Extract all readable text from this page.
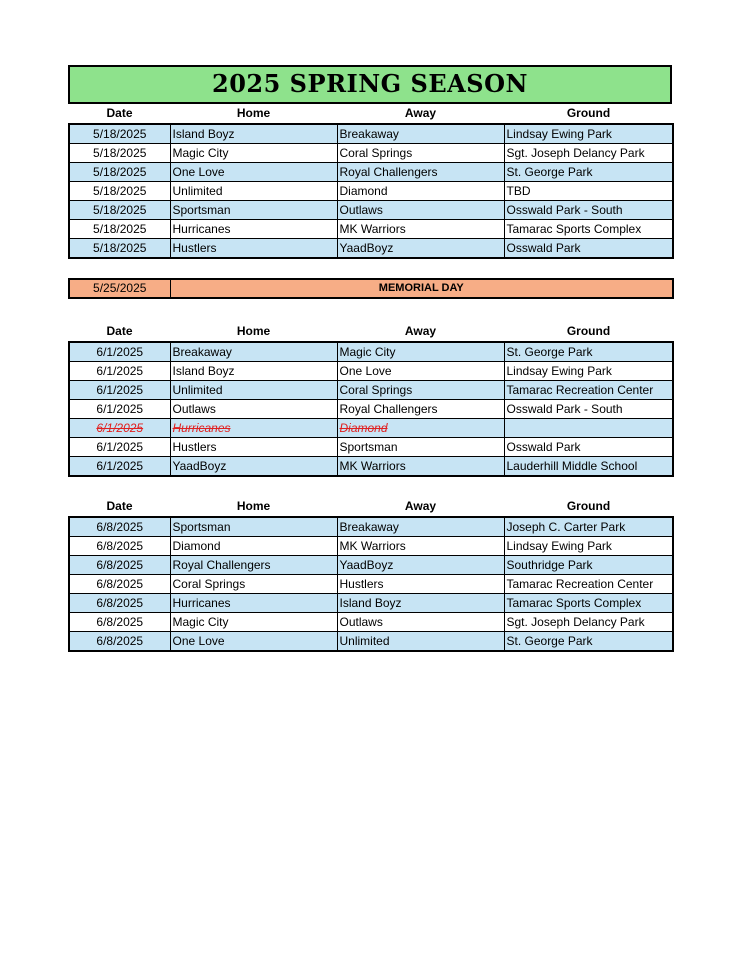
2025 SPRING SEASON
Date	Home	Away	Ground
5/18/2025	Island Boyz	Breakaway	Lindsay Ewing Park
5/18/2025	Magic City	Coral Springs	Sgt. Joseph Delancy Park
5/18/2025	One Love	Royal Challengers	St. George Park
5/18/2025	Unlimited	Diamond	TBD
5/18/2025	Sportsman	Outlaws	Osswald Park - South
5/18/2025	Hurricanes	MK Warriors	Tamarac Sports Complex
5/18/2025	Hustlers	YaadBoyz	Osswald Park
5/25/2025	MEMORIAL DAY
Date	Home	Away	Ground
6/1/2025	Breakaway	Magic City	St. George Park
6/1/2025	Island Boyz	One Love	Lindsay Ewing Park
6/1/2025	Unlimited	Coral Springs	Tamarac Recreation Center
6/1/2025	Outlaws	Royal Challengers	Osswald Park - South
6/1/2025	Hurricanes	Diamond	
6/1/2025	Hustlers	Sportsman	Osswald Park
6/1/2025	YaadBoyz	MK Warriors	Lauderhill Middle School
Date	Home	Away	Ground
6/8/2025	Sportsman	Breakaway	Joseph C. Carter Park
6/8/2025	Diamond	MK Warriors	Lindsay Ewing Park
6/8/2025	Royal Challengers	YaadBoyz	Southridge Park
6/8/2025	Coral Springs	Hustlers	Tamarac Recreation Center
6/8/2025	Hurricanes	Island Boyz	Tamarac Sports Complex
6/8/2025	Magic City	Outlaws	Sgt. Joseph Delancy Park
6/8/2025	One Love	Unlimited	St. George Park
